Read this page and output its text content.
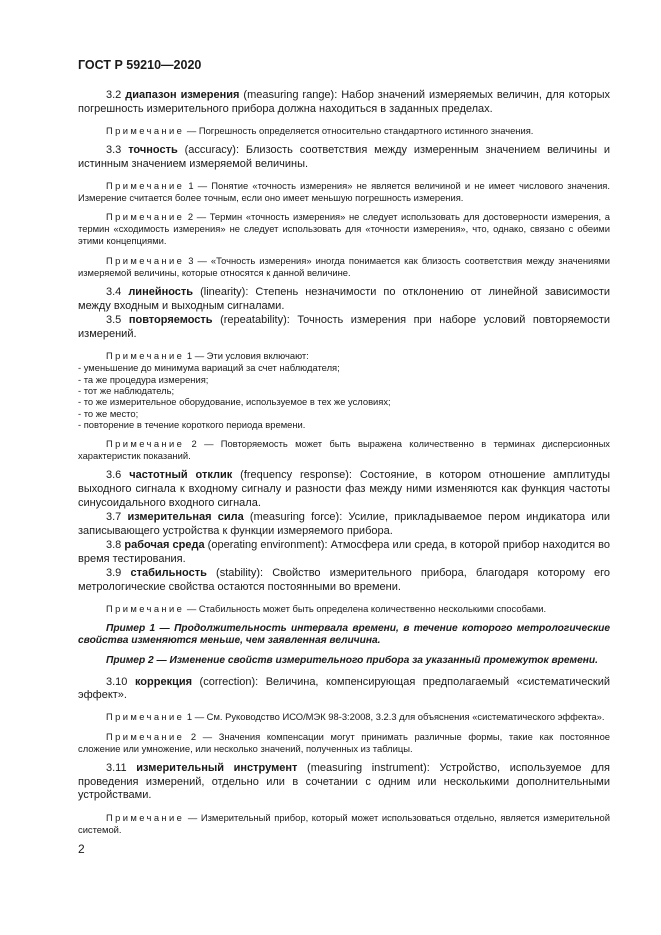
ГОСТ Р 59210—2020

3.2 диапазон измерения (measuring range): Набор значений измеряемых величин, для которых погрешность измерительного прибора должна находиться в заданных пределах.

Примечание — Погрешность определяется относительно стандартного истинного значения.

3.3 точность (accuracy): Близость соответствия между измеренным значением величины и истинным значением измеряемой величины.

Примечание 1 — Понятие «точность измерения» не является величиной и не имеет числового значения. Измерение считается более точным, если оно имеет меньшую погрешность измерения.

Примечание 2 — Термин «точность измерения» не следует использовать для достоверности измерения, а термин «сходимость измерения» не следует использовать для «точности измерения», что, однако, связано с обеими этими концепциями.

Примечание 3 — «Точность измерения» иногда понимается как близость соответствия между значениями измеряемой величины, которые относятся к данной величине.

3.4 линейность (linearity): Степень незначимости по отклонению от линейной зависимости между входным и выходным сигналами.

3.5 повторяемость (repeatability): Точность измерения при наборе условий повторяемости измерений.

Примечание 1 — Эти условия включают:
- уменьшение до минимума вариаций за счет наблюдателя;
- та же процедура измерения;
- тот же наблюдатель;
- то же измерительное оборудование, используемое в тех же условиях;
- то же место;
- повторение в течение короткого периода времени.

Примечание 2 — Повторяемость может быть выражена количественно в терминах дисперсионных характеристик показаний.

3.6 частотный отклик (frequency response): Состояние, в котором отношение амплитуды выходного сигнала к входному сигналу и разности фаз между ними изменяются как функция частоты синусоидального входного сигнала.

3.7 измерительная сила (measuring force): Усилие, прикладываемое пером индикатора или записывающего устройства к функции измеряемого прибора.

3.8 рабочая среда (operating environment): Атмосфера или среда, в которой прибор находится во время тестирования.

3.9 стабильность (stability): Свойство измерительного прибора, благодаря которому его метрологические свойства остаются постоянными во времени.

Примечание — Стабильность может быть определена количественно несколькими способами.

Пример 1 — Продолжительность интервала времени, в течение которого метрологические свойства изменяются меньше, чем заявленная величина.

Пример 2 — Изменение свойств измерительного прибора за указанный промежуток времени.

3.10 коррекция (correction): Величина, компенсирующая предполагаемый «систематический эффект».

Примечание 1 — См. Руководство ИСО/МЭК 98-3:2008, 3.2.3 для объяснения «систематического эффекта».

Примечание 2 — Значения компенсации могут принимать различные формы, такие как постоянное сложение или умножение, или несколько значений, полученных из таблицы.

3.11 измерительный инструмент (measuring instrument): Устройство, используемое для проведения измерений, отдельно или в сочетании с одним или несколькими дополнительными устройствами.

Примечание — Измерительный прибор, который может использоваться отдельно, является измерительной системой.

2
